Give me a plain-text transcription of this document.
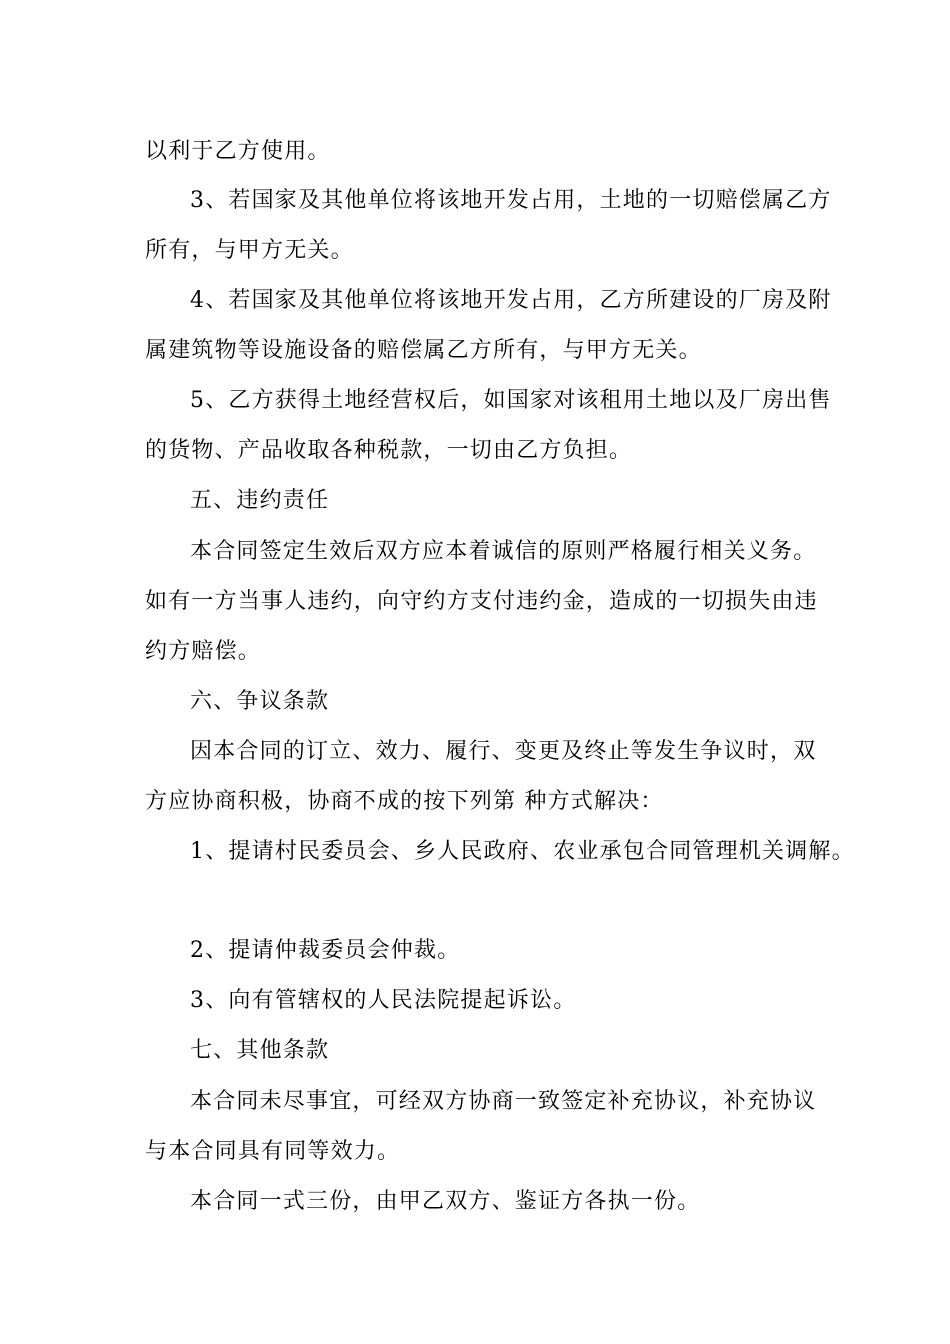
以利于乙方使用。
3、若国家及其他单位将该地开发占用，土地的一切赔偿属乙方
所有，与甲方无关。
4、若国家及其他单位将该地开发占用，乙方所建设的厂房及附
属建筑物等设施设备的赔偿属乙方所有，与甲方无关。
5、乙方获得土地经营权后，如国家对该租用土地以及厂房出售
的货物、产品收取各种税款，一切由乙方负担。
五、违约责任
本合同签定生效后双方应本着诚信的原则严格履行相关义务。
如有一方当事人违约，向守约方支付违约金，造成的一切损失由违
约方赔偿。
六、争议条款
因本合同的订立、效力、履行、变更及终止等发生争议时，双
方应协商积极，协商不成的按下列第 种方式解决：
1、提请村民委员会、乡人民政府、农业承包合同管理机关调解。
2、提请仲裁委员会仲裁。
3、向有管辖权的人民法院提起诉讼。
七、其他条款
本合同未尽事宜，可经双方协商一致签定补充协议，补充协议
与本合同具有同等效力。
本合同一式三份，由甲乙双方、鉴证方各执一份。
